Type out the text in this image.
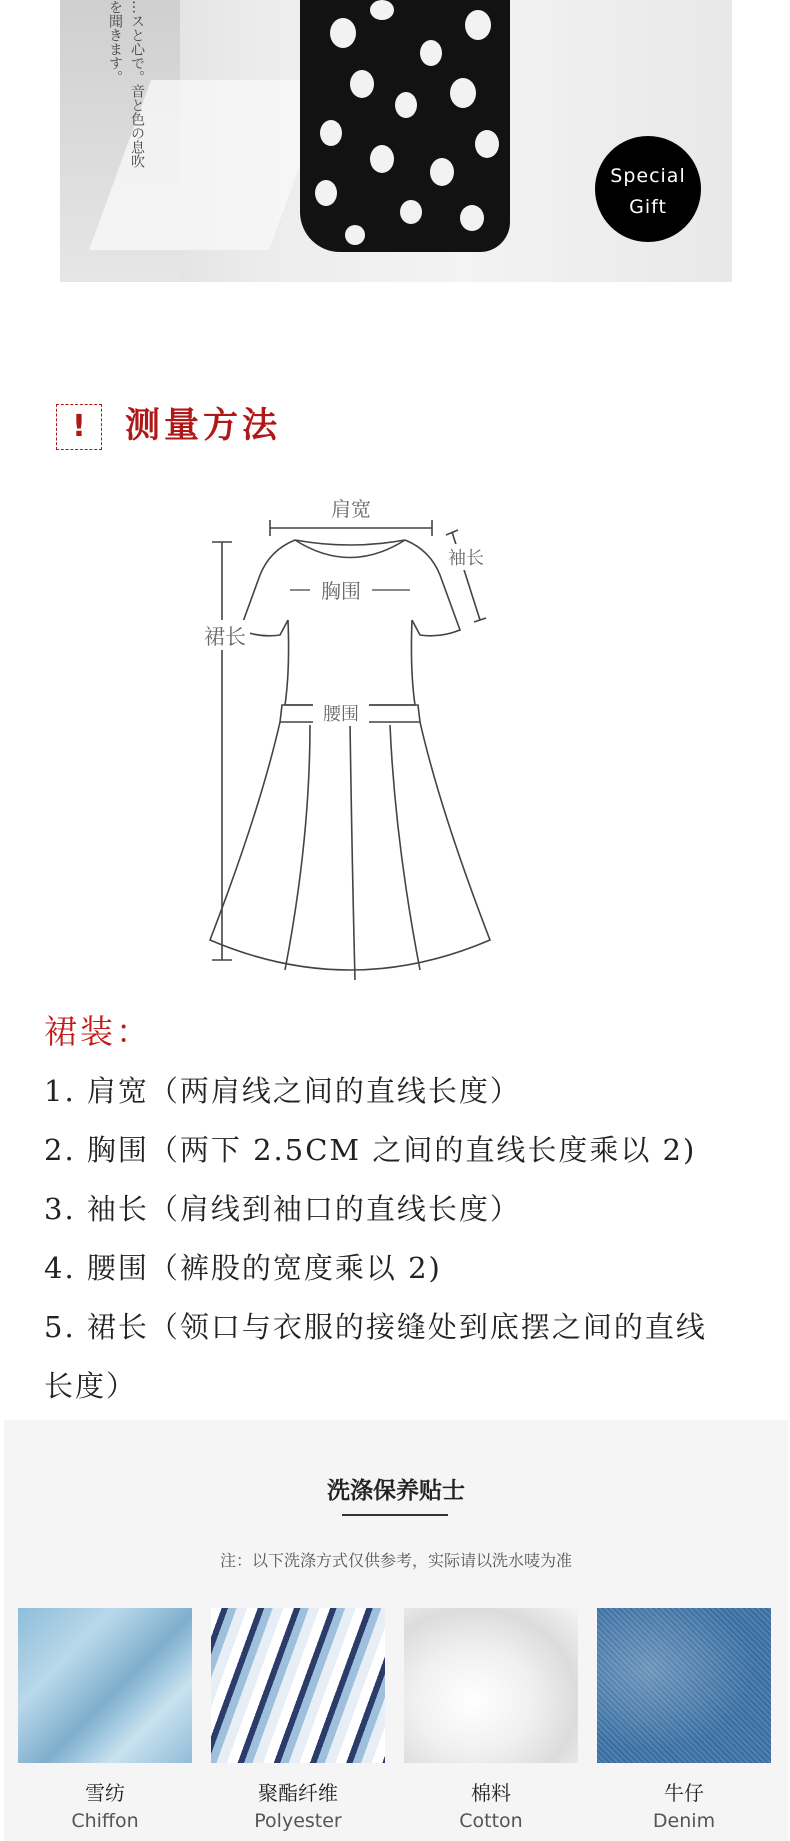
…スと心で。音と色の息吹を聞きます。
Special
Gift
!	测量方法
肩宽
袖长
胸围
腰围
裙长
裙装：
1. 肩宽（两肩线之间的直线长度）
2. 胸围（两下 2.5CM 之间的直线长度乘以 2)
3. 袖长（肩线到袖口的直线长度）
4. 腰围（裤股的宽度乘以 2)
5. 裙长（领口与衣服的接缝处到底摆之间的直线
长度）
洗涤保养贴士
注：以下洗涤方式仅供参考，实际请以洗水唛为准
雪纺
Chiffon
聚酯纤维
Polyester
棉料
Cotton
牛仔
Denim
